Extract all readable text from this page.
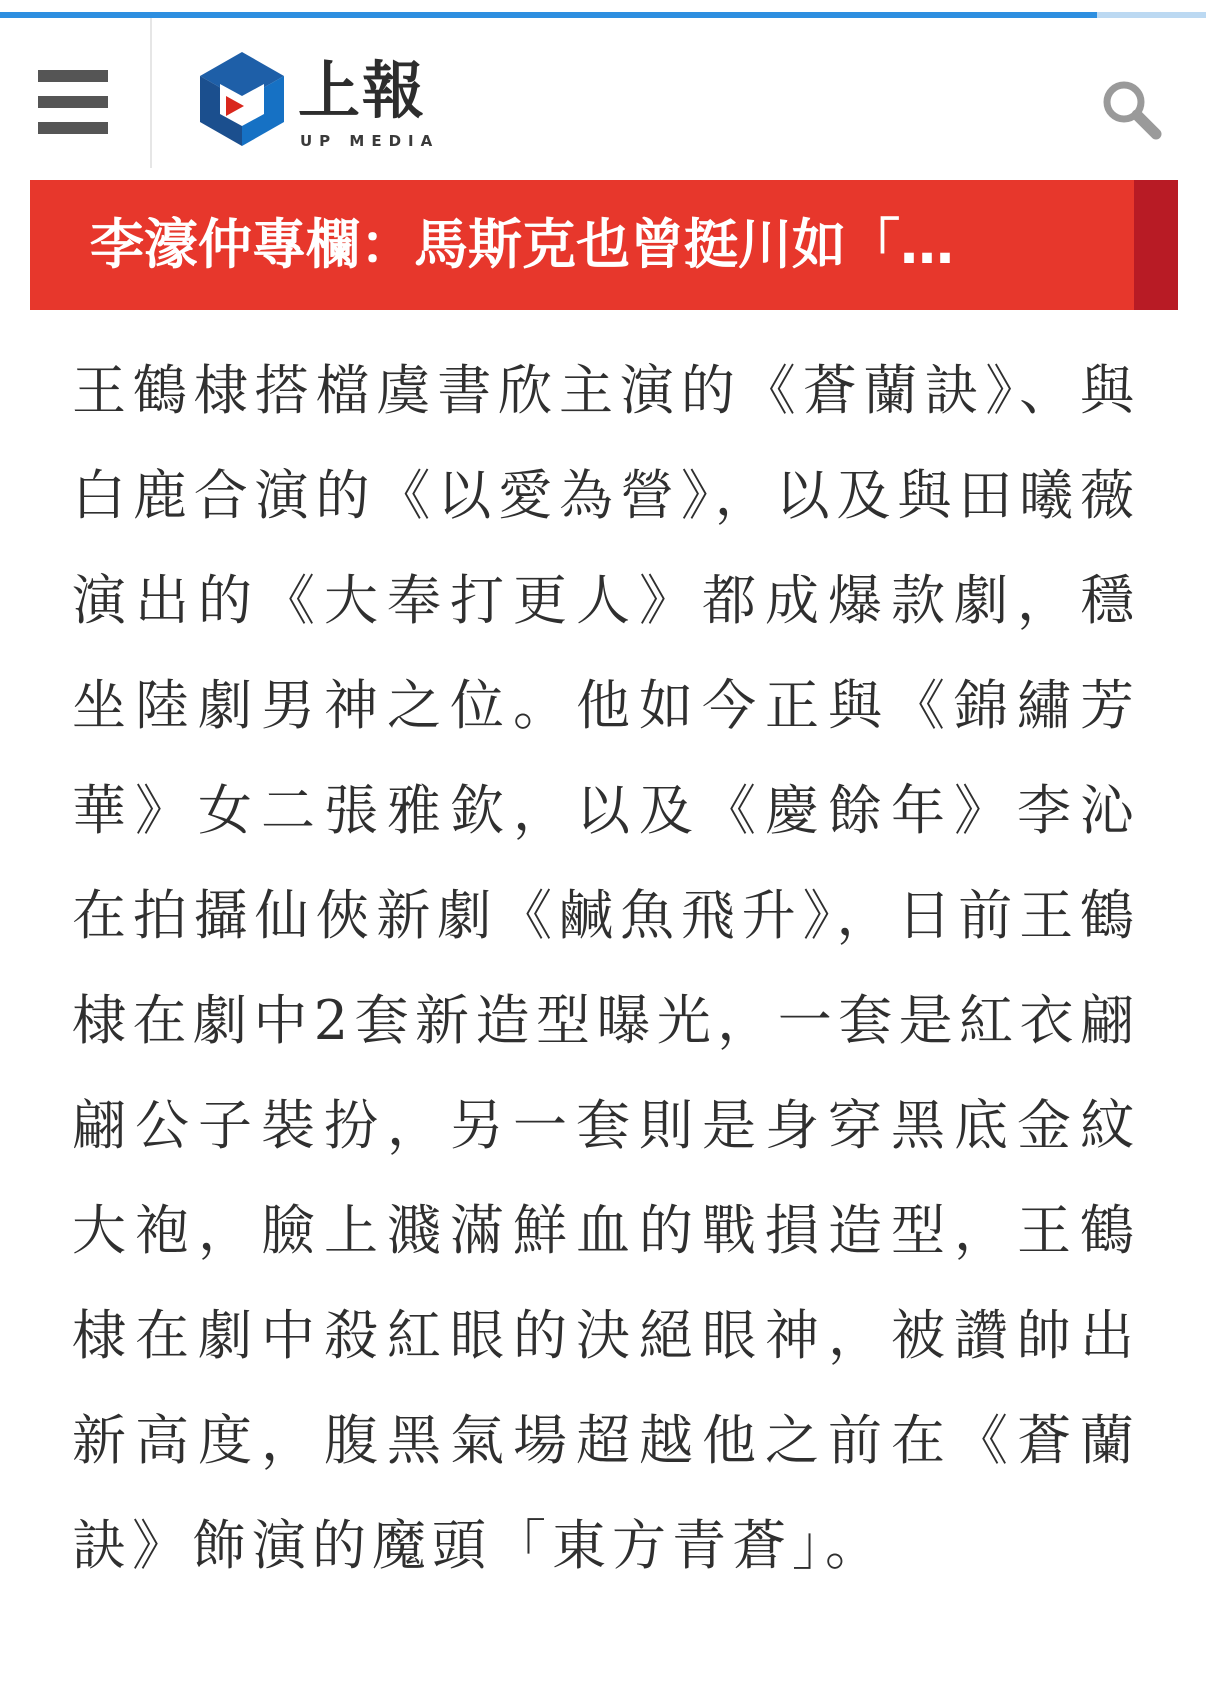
上報
UP MEDIA
李濠仲專欄：馬斯克也曾挺川如「…

王鶴棣搭檔虞書欣主演的《蒼蘭訣》、與白鹿合演的《以愛為營》，以及與田曦薇演出的《大奉打更人》都成爆款劇，穩坐陸劇男神之位。他如今正與《錦繡芳華》女二張雅欽，以及《慶餘年》李沁在拍攝仙俠新劇《鹹魚飛升》，日前王鶴棣在劇中2套新造型曝光，一套是紅衣翩翩公子裝扮，另一套則是身穿黑底金紋大袍，臉上濺滿鮮血的戰損造型，王鶴棣在劇中殺紅眼的決絕眼神，被讚帥出新高度，腹黑氣場超越他之前在《蒼蘭訣》飾演的魔頭「東方青蒼」。
